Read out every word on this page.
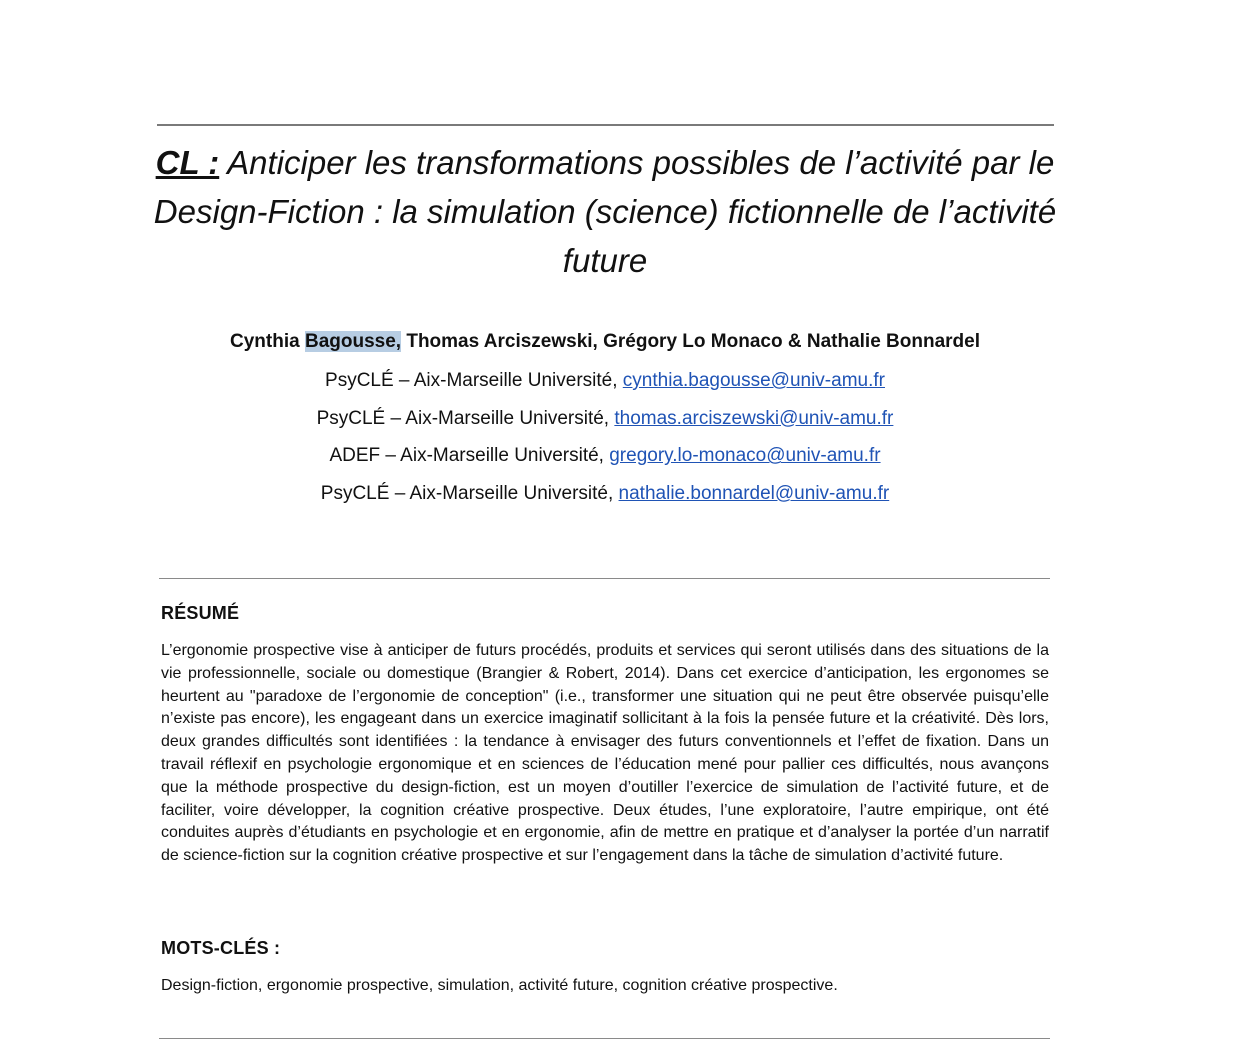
CL : Anticiper les transformations possibles de l’activité par le Design-Fiction : la simulation (science) fictionnelle de l’activité future
Cynthia Bagousse, Thomas Arciszewski, Grégory Lo Monaco & Nathalie Bonnardel
PsyCLÉ – Aix-Marseille Université, cynthia.bagousse@univ-amu.fr
PsyCLÉ – Aix-Marseille Université, thomas.arciszewski@univ-amu.fr
ADEF – Aix-Marseille Université, gregory.lo-monaco@univ-amu.fr
PsyCLÉ – Aix-Marseille Université, nathalie.bonnardel@univ-amu.fr
RÉSUMÉ

L’ergonomie prospective vise à anticiper de futurs procédés, produits et services qui seront utilisés dans des situations de la vie professionnelle, sociale ou domestique (Brangier & Robert, 2014). Dans cet exercice d’anticipation, les ergonomes se heurtent au "paradoxe de l’ergonomie de conception" (i.e., transformer une situation qui ne peut être observée puisqu’elle n’existe pas encore), les engageant dans un exercice imaginatif sollicitant à la fois la pensée future et la créativité. Dès lors, deux grandes difficultés sont identifiées : la tendance à envisager des futurs conventionnels et l’effet de fixation. Dans un travail réflexif en psychologie ergonomique et en sciences de l’éducation mené pour pallier ces difficultés, nous avançons que la méthode prospective du design-fiction, est un moyen d’outiller l’exercice de simulation de l’activité future, et de faciliter, voire développer, la cognition créative prospective. Deux études, l’une exploratoire, l’autre empirique, ont été conduites auprès d’étudiants en psychologie et en ergonomie, afin de mettre en pratique et d’analyser la portée d’un narratif de science-fiction sur la cognition créative prospective et sur l’engagement dans la tâche de simulation d’activité future.

MOTS-CLÉS :

Design-fiction, ergonomie prospective, simulation, activité future, cognition créative prospective.
